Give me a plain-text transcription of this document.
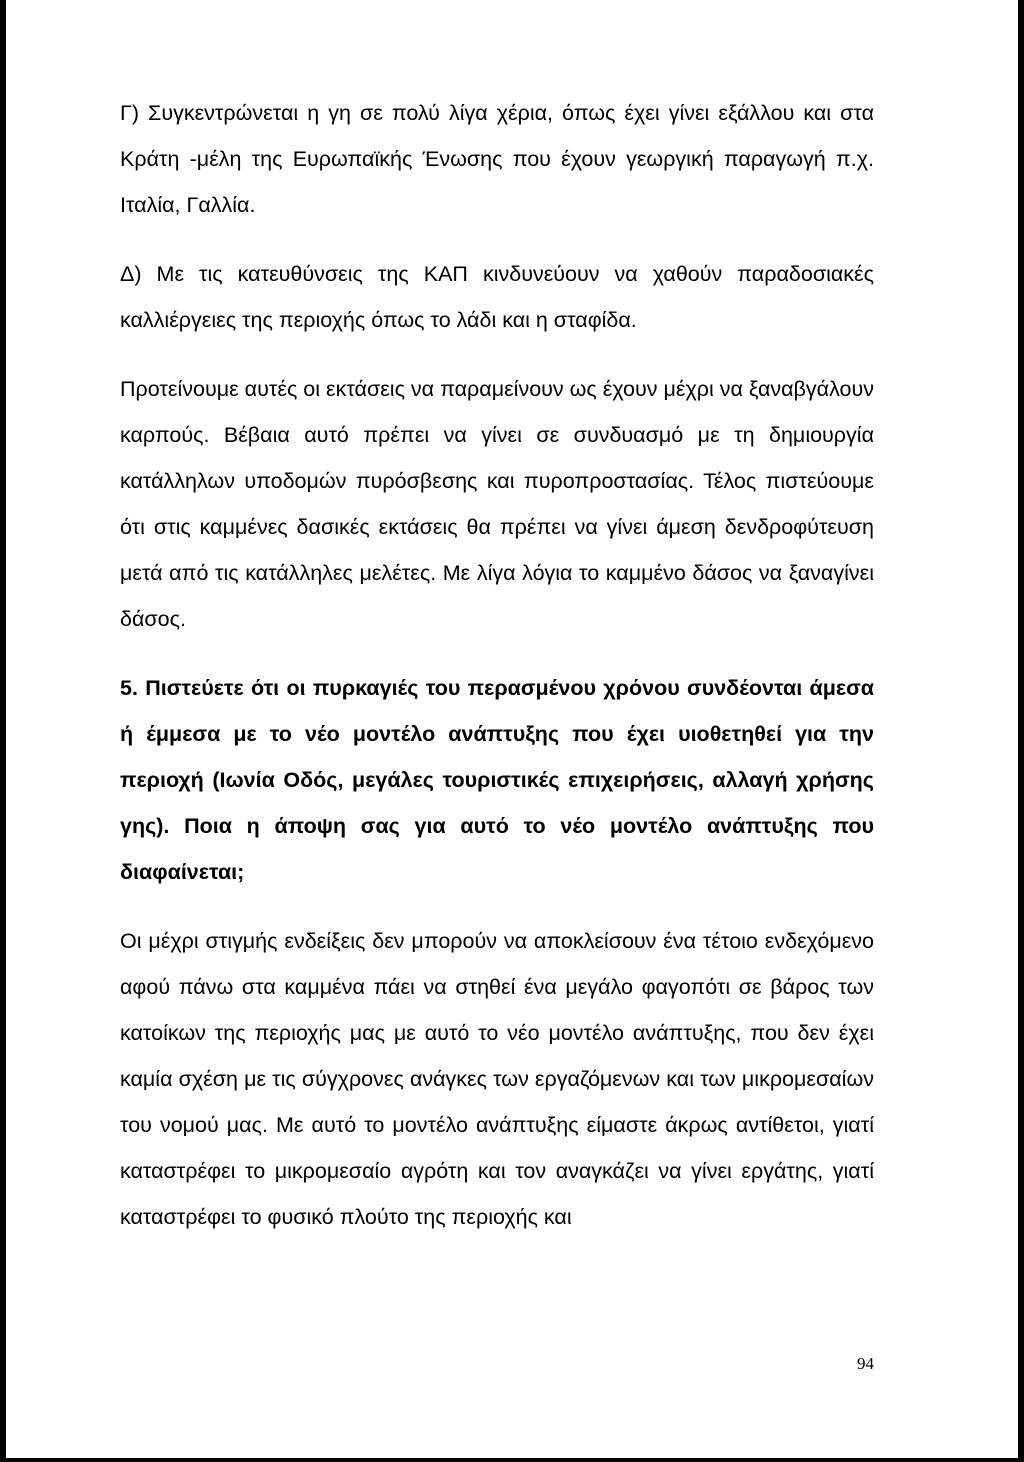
Γ) Συγκεντρώνεται η γη σε πολύ λίγα χέρια, όπως έχει γίνει εξάλλου και στα Κράτη -μέλη της Ευρωπαϊκής Ένωσης που έχουν γεωργική παραγωγή π.χ. Ιταλία, Γαλλία.

Δ) Με τις κατευθύνσεις της ΚΑΠ κινδυνεύουν να χαθούν παραδοσιακές καλλιέργειες της περιοχής όπως το λάδι και η σταφίδα.

Προτείνουμε αυτές οι εκτάσεις να παραμείνουν ως έχουν μέχρι να ξαναβγάλουν καρπούς. Βέβαια αυτό πρέπει να γίνει σε συνδυασμό με τη δημιουργία κατάλληλων υποδομών πυρόσβεσης και πυροπροστασίας. Τέλος πιστεύουμε ότι στις καμμένες δασικές εκτάσεις θα πρέπει να γίνει άμεση δενδροφύτευση μετά από τις κατάλληλες μελέτες. Με λίγα λόγια το καμμένο δάσος να ξαναγίνει δάσος.

5. Πιστεύετε ότι οι πυρκαγιές του περασμένου χρόνου συνδέονται άμεσα ή έμμεσα με το νέο μοντέλο ανάπτυξης που έχει υιοθετηθεί για την περιοχή (Ιωνία Οδός, μεγάλες τουριστικές επιχειρήσεις, αλλαγή χρήσης γης). Ποια η άποψη σας για αυτό το νέο μοντέλο ανάπτυξης που διαφαίνεται;

Οι μέχρι στιγμής ενδείξεις δεν μπορούν να αποκλείσουν ένα τέτοιο ενδεχόμενο αφού πάνω στα καμμένα πάει να στηθεί ένα μεγάλο φαγοπότι σε βάρος των κατοίκων της περιοχής μας με αυτό το νέο μοντέλο ανάπτυξης, που δεν έχει καμία σχέση με τις σύγχρονες ανάγκες των εργαζόμενων και των μικρομεσαίων του νομού μας. Με αυτό το μοντέλο ανάπτυξης είμαστε άκρως αντίθετοι, γιατί καταστρέφει το μικρομεσαίο αγρότη και τον αναγκάζει να γίνει εργάτης, γιατί καταστρέφει το φυσικό πλούτο της περιοχής και

94
